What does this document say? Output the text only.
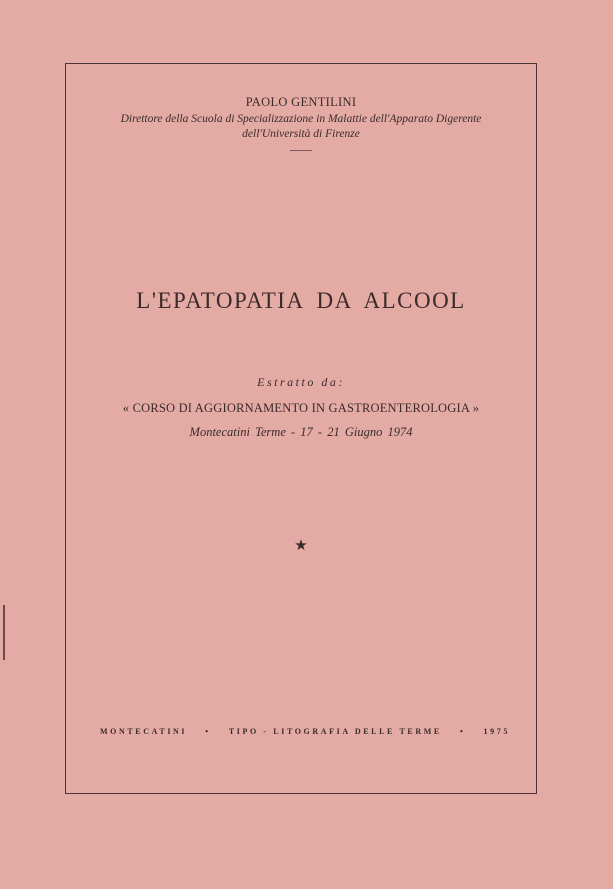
PAOLO GENTILINI
Direttore della Scuola di Specializzazione in Malattie dell'Apparato Digerente
dell'Università di Firenze
L'EPATOPATIA DA ALCOOL
Estratto da:
« CORSO DI AGGIORNAMENTO IN GASTROENTEROLOGIA »
Montecatini Terme - 17 - 21 Giugno 1974
★
MONTECATINI • TIPO - LITOGRAFIA DELLE TERME • 1975
